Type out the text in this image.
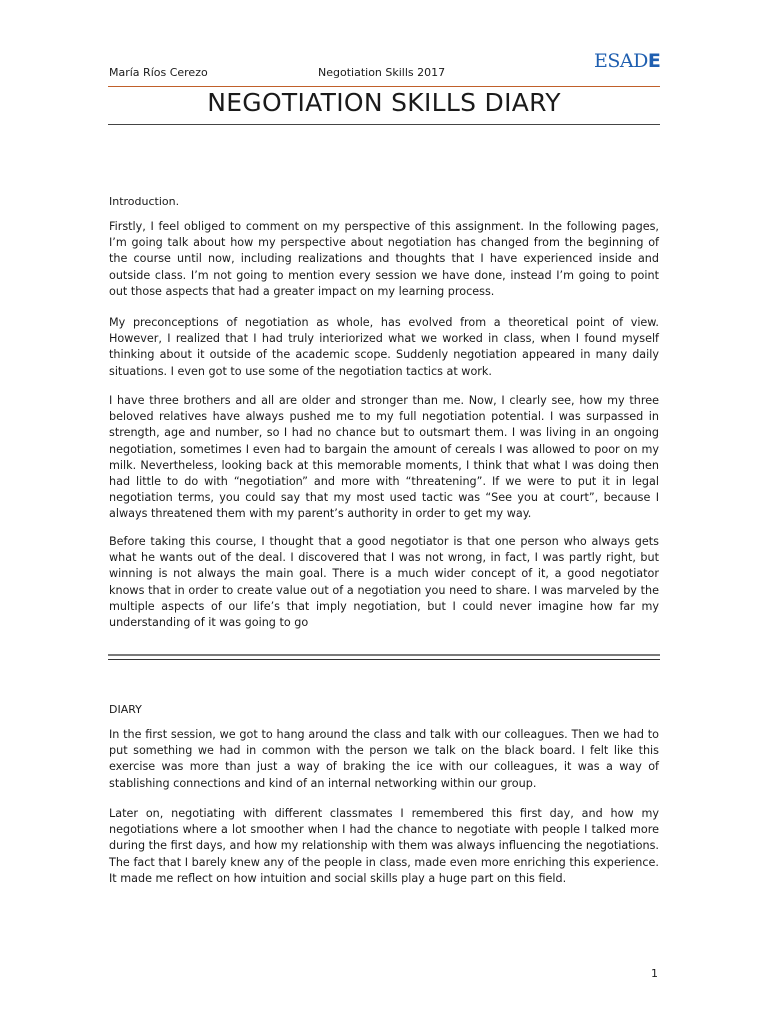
María Ríos Cerezo	Negotiation Skills 2017
ESADE
NEGOTIATION SKILLS DIARY
Introduction.

Firstly, I feel obliged to comment on my perspective of this assignment. In the following pages, I’m going talk about how my perspective about negotiation has changed from the beginning of the course until now, including realizations and thoughts that I have experienced inside and outside class. I’m not going to mention every session we have done, instead I’m going to point out those aspects that had a greater impact on my learning process.

My preconceptions of negotiation as whole, has evolved from a theoretical point of view. However, I realized that I had truly interiorized what we worked in class, when I found myself thinking about it outside of the academic scope. Suddenly negotiation appeared in many daily situations. I even got to use some of the negotiation tactics at work.

I have three brothers and all are older and stronger than me. Now, I clearly see, how my three beloved relatives have always pushed me to my full negotiation potential. I was surpassed in strength, age and number, so I had no chance but to outsmart them. I was living in an ongoing negotiation, sometimes I even had to bargain the amount of cereals I was allowed to poor on my milk. Nevertheless, looking back at this memorable moments, I think that what I was doing then had little to do with “negotiation” and more with “threatening”. If we were to put it in legal negotiation terms, you could say that my most used tactic was “See you at court”, because I always threatened them with my parent’s authority in order to get my way.

Before taking this course, I thought that a good negotiator is that one person who always gets what he wants out of the deal. I discovered that I was not wrong, in fact, I was partly right, but winning is not always the main goal. There is a much wider concept of it, a good negotiator knows that in order to create value out of a negotiation you need to share. I was marveled by the multiple aspects of our life’s that imply negotiation, but I could never imagine how far my understanding of it was going to go

DIARY

In the first session, we got to hang around the class and talk with our colleagues. Then we had to put something we had in common with the person we talk on the black board. I felt like this exercise was more than just a way of braking the ice with our colleagues, it was a way of stablishing connections and kind of an internal networking within our group.

Later on, negotiating with different classmates I remembered this first day, and how my negotiations where a lot smoother when I had the chance to negotiate with people I talked more during the first days, and how my relationship with them was always influencing the negotiations. The fact that I barely knew any of the people in class, made even more enriching this experience. It made me reflect on how intuition and social skills play a huge part on this field.

1
